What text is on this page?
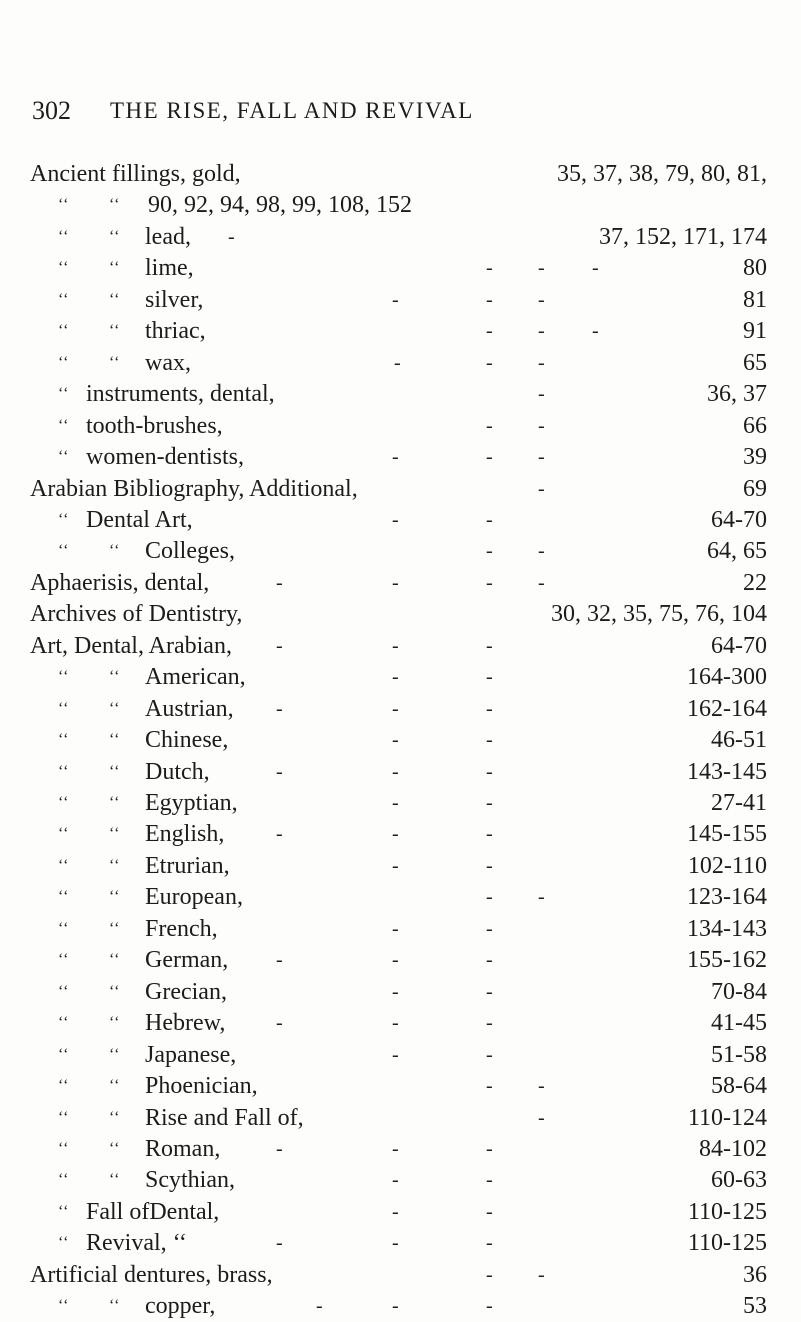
302 THE RISE, FALL AND REVIVAL
Ancient fillings, gold,	35, 37, 38, 79, 80, 81,
‘‘ ‘‘ 90, 92, 94, 98, 99, 108, 152
‘‘ ‘‘ lead, -	37, 152, 171, 174
‘‘ ‘‘ lime,	- - -	80
‘‘ ‘‘ silver,	-	- -	81
‘‘ ‘‘ thriac,	- - -	91
‘‘ ‘‘ wax,	-	- -	65
‘‘ instruments, dental,	-	36, 37
‘‘ tooth-brushes,	- -	66
‘‘ women-dentists,	-	- -	39
Arabian Bibliography, Additional,	-	69
‘‘ Dental Art,	-	-	64-70
‘‘ ‘‘ Colleges,	- -	64, 65
Aphaerisis, dental,	-	-	- -	22
Archives of Dentistry,	30, 32, 35, 75, 76, 104
Art, Dental, Arabian, -	-	-	64-70
‘‘ ‘‘ American,	-	-	164-300
‘‘ ‘‘ Austrian, -	-	-	162-164
‘‘ ‘‘ Chinese,	-	-	46-51
‘‘ ‘‘ Dutch,	-	-	-	143-145
‘‘ ‘‘ Egyptian,	-	-	27-41
‘‘ ‘‘ English,	-	-	-	145-155
‘‘ ‘‘ Etrurian,	-	-	102-110
‘‘ ‘‘ European,	- -	123-164
‘‘ ‘‘ French,	-	-	134-143
‘‘ ‘‘ German, -	-	-	155-162
‘‘ ‘‘ Grecian,	-	-	70-84
‘‘ ‘‘ Hebrew,	-	-	-	41-45
‘‘ ‘‘ Japanese,	-	-	51-58
‘‘ ‘‘ Phoenician,	- -	58-64
‘‘ ‘‘ Rise and Fall of,	-	110-124
‘‘ ‘‘ Roman,	-	-	-	84-102
‘‘ ‘‘ Scythian,	-	-	60-63
‘‘ Fall ofDental,	-	-	110-125
‘‘ Revival, ‘‘	-	-	-	110-125
Artificial dentures, brass,	- -	36
‘‘ ‘‘ copper,	-	-	-	53
